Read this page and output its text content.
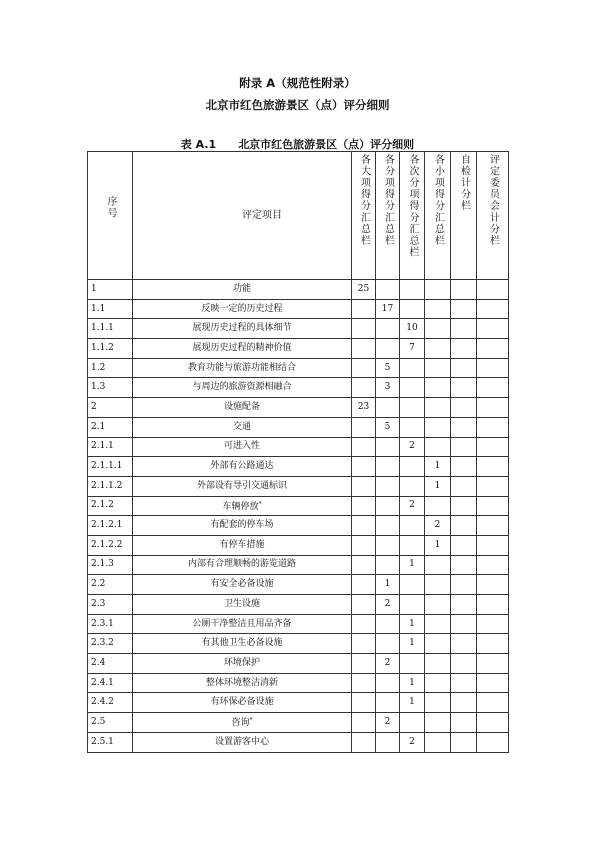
附录 A（规范性附录）
北京市红色旅游景区（点）评分细则
表 A.1 北京市红色旅游景区（点）评分细则
序号	评定项目	各大项得分汇总栏	各分项得分汇总栏	各次分项得分汇总栏	各小项得分汇总栏	自检计分栏	评定委员会计分栏

1	功能	25					
1.1	反映一定的历史过程		17				
1.1.1	展现历史过程的具体细节			10			
1.1.2	展现历史过程的精神价值			7			
1.2	教育功能与旅游功能相结合		5				
1.3	与周边的旅游资源相融合		3				
2	设施配备	23					
2.1	交通		5				
2.1.1	可进入性			2			
2.1.1.1	外部有公路通达				1		
2.1.1.2	外部设有导引交通标识				1		
2.1.2	车辆停放*			2			
2.1.2.1	有配套的停车场				2		
2.1.2.2	有停车措施				1		
2.1.3	内部有合理顺畅的游览道路			1			
2.2	有安全必备设施		1				
2.3	卫生设施		2				
2.3.1	公厕干净整洁且用品齐备			1			
2.3.2	有其他卫生必备设施			1			
2.4	环境保护		2				
2.4.1	整体环境整洁清新			1			
2.4.2	有环保必备设施			1			
2.5	咨询*		2				
2.5.1	设置游客中心			2			
